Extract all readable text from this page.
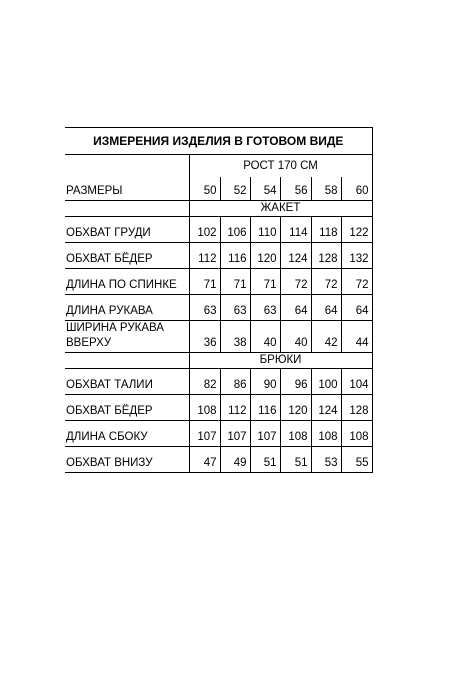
ИЗМЕРЕНИЯ ИЗДЕЛИЯ В ГОТОВОМ ВИДЕ						
	РОСТ 170 СМ					
РАЗМЕРЫ	50	52	54	56	58	60
	ЖАКЕТ					
ОБХВАТ ГРУДИ	102	106	110	114	118	122
ОБХВАТ БЁДЕР	112	116	120	124	128	132
ДЛИНА ПО СПИНКЕ	71	71	71	72	72	72
ДЛИНА РУКАВА	63	63	63	64	64	64
ШИРИНА РУКАВА ВВЕРХУ	36	38	40	40	42	44
	БРЮКИ					
ОБХВАТ ТАЛИИ	82	86	90	96	100	104
ОБХВАТ БЁДЕР	108	112	116	120	124	128
ДЛИНА СБОКУ	107	107	107	108	108	108
ОБХВАТ ВНИЗУ	47	49	51	51	53	55
